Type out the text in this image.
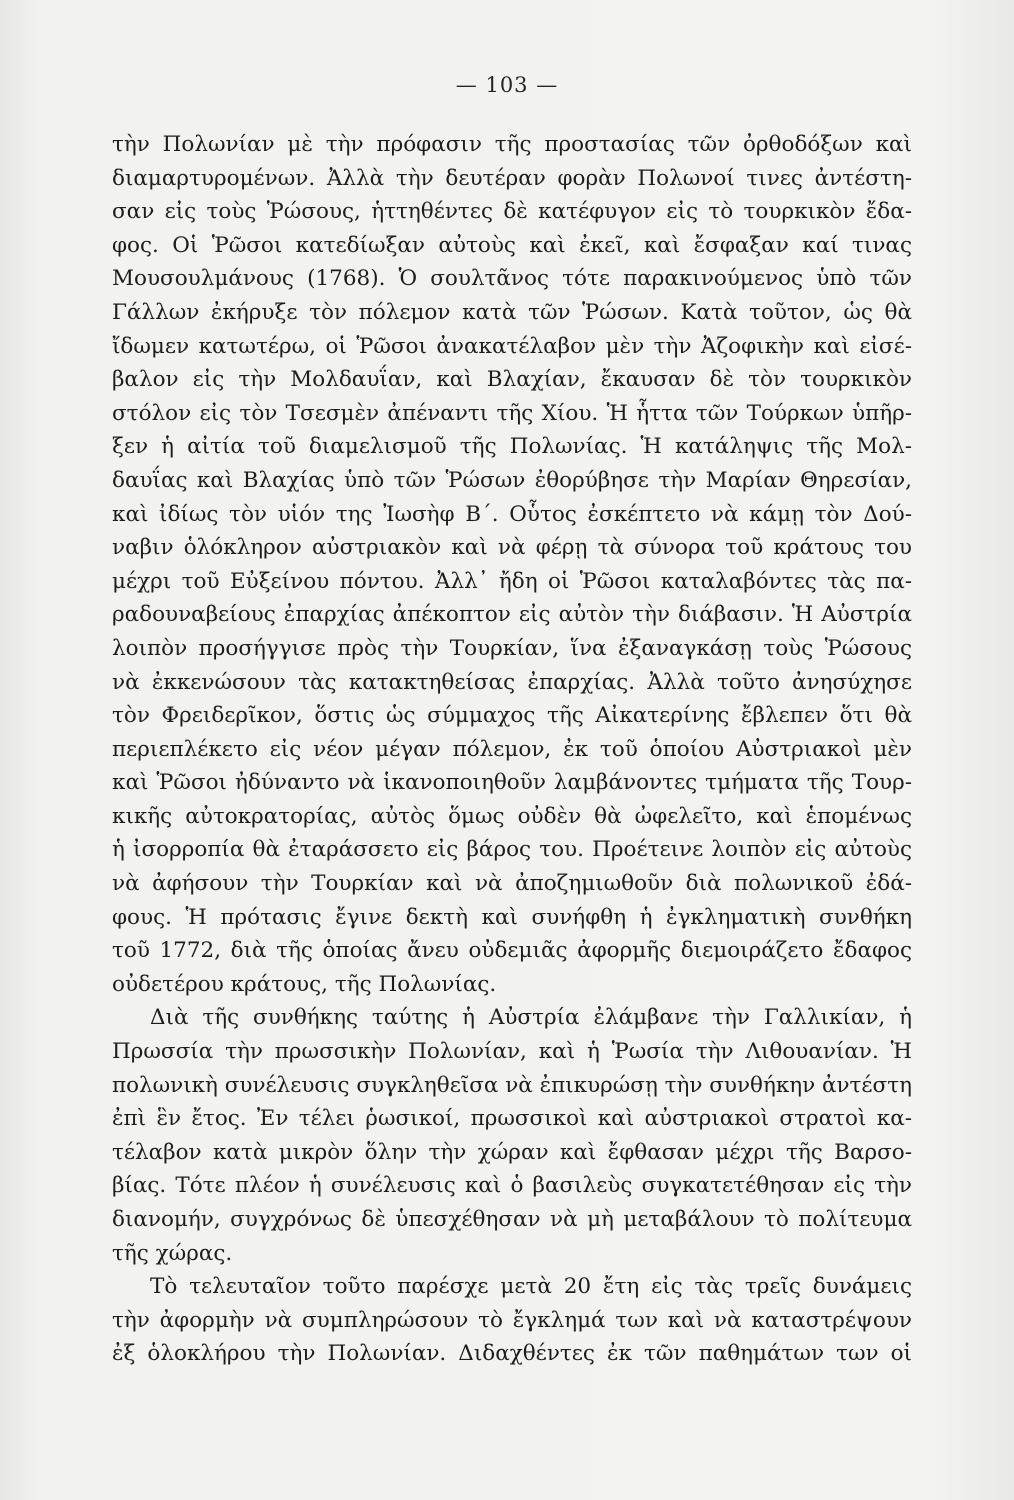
— 103 —
τὴν Πολωνίαν μὲ τὴν πρόφασιν τῆς προστασίας τῶν ὀρθοδόξων καὶ
διαμαρτυρομένων. Ἀλλὰ τὴν δευτέραν φορὰν Πολωνοί τινες ἀντέστη-
σαν εἰς τοὺς Ῥώσους, ἡττηθέντες δὲ κατέφυγον εἰς τὸ τουρκικὸν ἔδα-
φος. Οἱ Ῥῶσοι κατεδίωξαν αὐτοὺς καὶ ἐκεῖ, καὶ ἔσφαξαν καί τινας
Μουσουλμάνους (1768). Ὁ σουλτᾶνος τότε παρακινούμενος ὑπὸ τῶν
Γάλλων ἐκήρυξε τὸν πόλεμον κατὰ τῶν Ῥώσων. Κατὰ τοῦτον, ὡς θὰ
ἴδωμεν κατωτέρω, οἱ Ῥῶσοι ἀνακατέλαβον μὲν τὴν Ἀζοφικὴν καὶ εἰσέ-
βαλον εἰς τὴν Μολδαυΐαν, καὶ Βλαχίαν, ἔκαυσαν δὲ τὸν τουρκικὸν
στόλον εἰς τὸν Τσεσμὲν ἀπέναντι τῆς Χίου. Ἡ ἧττα τῶν Τούρκων ὑπῆρ-
ξεν ἡ αἰτία τοῦ διαμελισμοῦ τῆς Πολωνίας. Ἡ κατάληψις τῆς Μολ-
δαυΐας καὶ Βλαχίας ὑπὸ τῶν Ῥώσων ἐθορύβησε τὴν Μαρίαν Θηρεσίαν,
καὶ ἰδίως τὸν υἱόν της Ἰωσὴφ Β΄. Οὗτος ἐσκέπτετο νὰ κάμῃ τὸν Δού-
ναβιν ὁλόκληρον αὐστριακὸν καὶ νὰ φέρῃ τὰ σύνορα τοῦ κράτους του
μέχρι τοῦ Εὐξείνου πόντου. Ἀλλ᾽ ἤδη οἱ Ῥῶσοι καταλαβόντες τὰς πα-
ραδουναβείους ἐπαρχίας ἀπέκοπτον εἰς αὐτὸν τὴν διάβασιν. Ἡ Αὐστρία
λοιπὸν προσήγγισε πρὸς τὴν Τουρκίαν, ἵνα ἐξαναγκάσῃ τοὺς Ῥώσους
νὰ ἐκκενώσουν τὰς κατακτηθείσας ἐπαρχίας. Ἀλλὰ τοῦτο ἀνησύχησε
τὸν Φρειδερῖκον, ὅστις ὡς σύμμαχος τῆς Αἰκατερίνης ἔβλεπεν ὅτι θὰ
περιεπλέκετο εἰς νέον μέγαν πόλεμον, ἐκ τοῦ ὁποίου Αὐστριακοὶ μὲν
καὶ Ῥῶσοι ἠδύναντο νὰ ἱκανοποιηθοῦν λαμβάνοντες τμήματα τῆς Τουρ-
κικῆς αὐτοκρατορίας, αὐτὸς ὅμως οὐδὲν θὰ ὠφελεῖτο, καὶ ἑπομένως
ἡ ἰσορροπία θὰ ἐταράσσετο εἰς βάρος του. Προέτεινε λοιπὸν εἰς αὐτοὺς
νὰ ἀφήσουν τὴν Τουρκίαν καὶ νὰ ἀποζημιωθοῦν διὰ πολωνικοῦ ἐδά-
φους. Ἡ πρότασις ἔγινε δεκτὴ καὶ συνήφθη ἡ ἐγκληματικὴ συνθήκη
τοῦ 1772, διὰ τῆς ὁποίας ἄνευ οὐδεμιᾶς ἀφορμῆς διεμοιράζετο ἔδαφος
οὐδετέρου κράτους, τῆς Πολωνίας.
Διὰ τῆς συνθήκης ταύτης ἡ Αὐστρία ἐλάμβανε τὴν Γαλλικίαν, ἡ
Πρωσσία τὴν πρωσσικὴν Πολωνίαν, καὶ ἡ Ῥωσία τὴν Λιθουανίαν. Ἡ
πολωνικὴ συνέλευσις συγκληθεῖσα νὰ ἐπικυρώσῃ τὴν συνθήκην ἀντέστη
ἐπὶ ἓν ἔτος. Ἐν τέλει ῥωσικοί, πρωσσικοὶ καὶ αὐστριακοὶ στρατοὶ κα-
τέλαβον κατὰ μικρὸν ὅλην τὴν χώραν καὶ ἔφθασαν μέχρι τῆς Βαρσο-
βίας. Τότε πλέον ἡ συνέλευσις καὶ ὁ βασιλεὺς συγκατετέθησαν εἰς τὴν
διανομήν, συγχρόνως δὲ ὑπεσχέθησαν νὰ μὴ μεταβάλουν τὸ πολίτευμα
τῆς χώρας.
Τὸ τελευταῖον τοῦτο παρέσχε μετὰ 20 ἔτη εἰς τὰς τρεῖς δυνάμεις
τὴν ἀφορμὴν νὰ συμπληρώσουν τὸ ἔγκλημά των καὶ νὰ καταστρέψουν
ἐξ ὁλοκλήρου τὴν Πολωνίαν. Διδαχθέντες ἐκ τῶν παθημάτων των οἱ
